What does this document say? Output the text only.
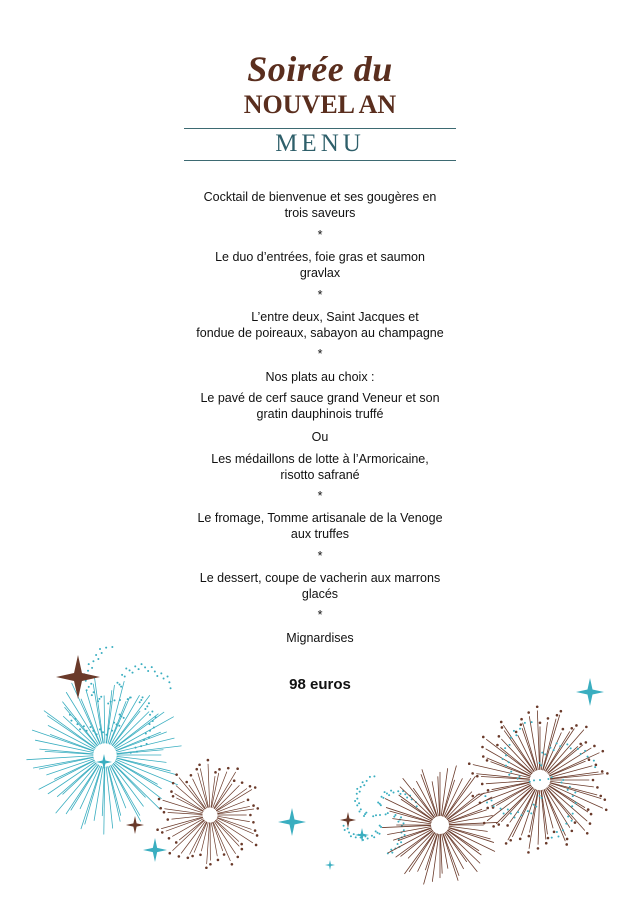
Soirée du
NOUVEL AN
MENU
Cocktail de bienvenue et ses gougères en
trois saveurs
*
Le duo d’entrées, foie gras et saumon
gravlax
*
L’entre deux, Saint Jacques et
fondue de poireaux, sabayon au champagne
*
Nos plats au choix :
Le pavé de cerf sauce grand Veneur et son
gratin dauphinois truffé
Ou
Les médaillons de lotte à l’Armoricaine,
risotto safrané
*
Le fromage, Tomme artisanale de la Venoge
aux truffes
*
Le dessert, coupe de vacherin aux marrons
glacés
*
Mignardises
98 euros
